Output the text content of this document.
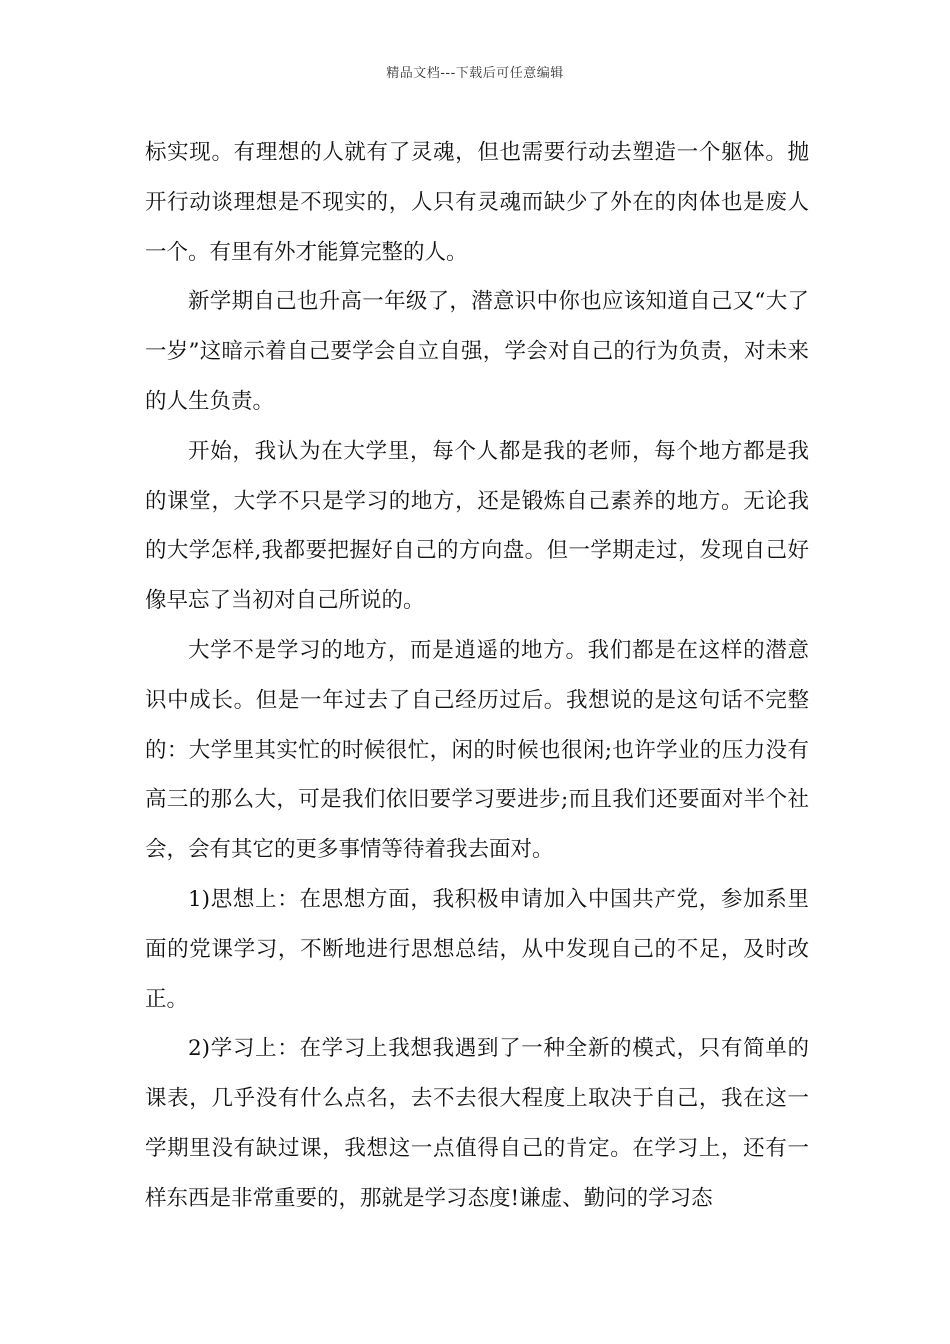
精品文档---下载后可任意编辑

标实现。有理想的人就有了灵魂，但也需要行动去塑造一个躯体。抛开行动谈理想是不现实的，人只有灵魂而缺少了外在的肉体也是废人一个。有里有外才能算完整的人。

新学期自己也升高一年级了，潜意识中你也应该知道自己又“大了一岁”这暗示着自己要学会自立自强，学会对自己的行为负责，对未来的人生负责。

开始，我认为在大学里，每个人都是我的老师，每个地方都是我的课堂，大学不只是学习的地方，还是锻炼自己素养的地方。无论我的大学怎样,我都要把握好自己的方向盘。但一学期走过，发现自己好像早忘了当初对自己所说的。

大学不是学习的地方，而是逍遥的地方。我们都是在这样的潜意识中成长。但是一年过去了自己经历过后。我想说的是这句话不完整的：大学里其实忙的时候很忙，闲的时候也很闲;也许学业的压力没有高三的那么大，可是我们依旧要学习要进步;而且我们还要面对半个社会，会有其它的更多事情等待着我去面对。

1)思想上：在思想方面，我积极申请加入中国共产党，参加系里面的党课学习，不断地进行思想总结，从中发现自己的不足，及时改正。

2)学习上：在学习上我想我遇到了一种全新的模式，只有简单的课表，几乎没有什么点名，去不去很大程度上取决于自己，我在这一学期里没有缺过课，我想这一点值得自己的肯定。在学习上，还有一样东西是非常重要的，那就是学习态度!谦虚、勤问的学习态
